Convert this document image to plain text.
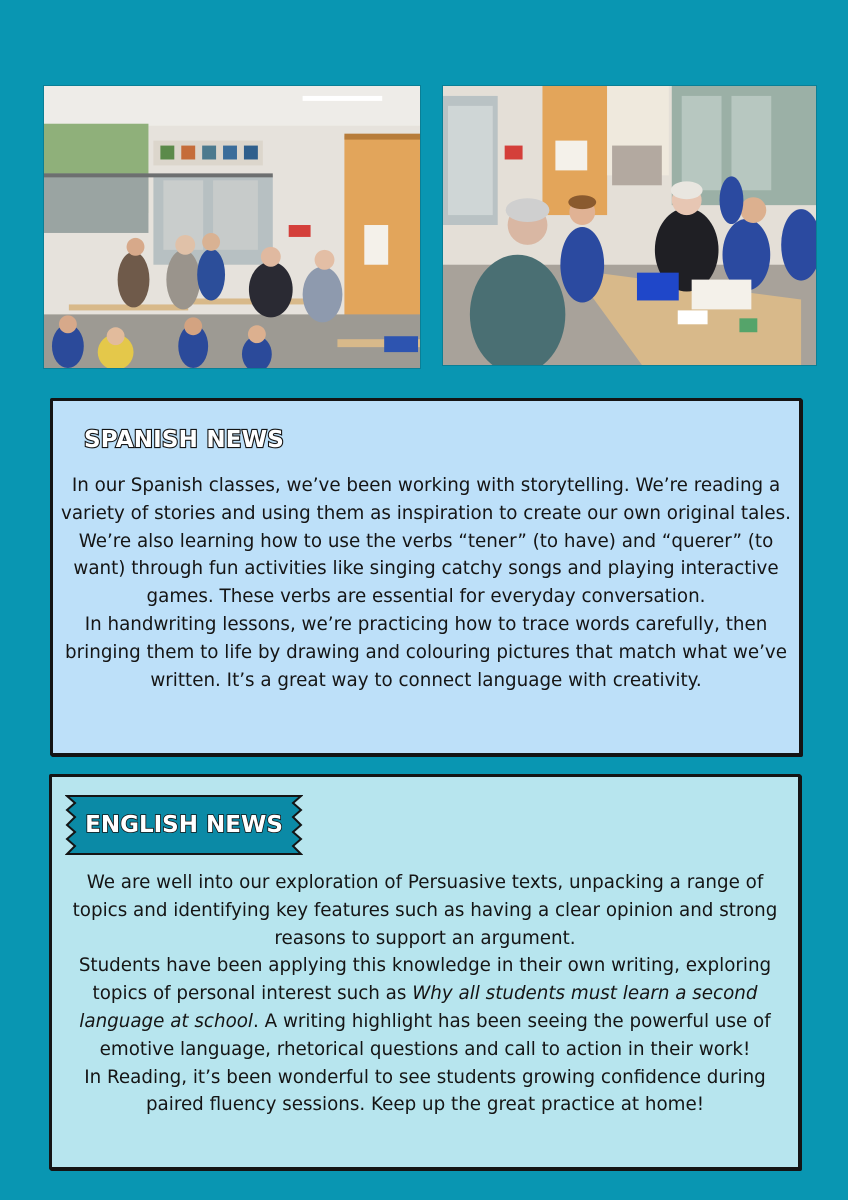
SPANISH NEWS

In our Spanish classes, we’ve been working with storytelling. We’re reading a variety of stories and using them as inspiration to create our own original tales.

We’re also learning how to use the verbs “tener” (to have) and “querer” (to want) through fun activities like singing catchy songs and playing interactive games. These verbs are essential for everyday conversation.

In handwriting lessons, we’re practicing how to trace words carefully, then bringing them to life by drawing and colouring pictures that match what we’ve written. It’s a great way to connect language with creativity.

ENGLISH NEWS

We are well into our exploration of Persuasive texts, unpacking a range of topics and identifying key features such as having a clear opinion and strong reasons to support an argument.

Students have been applying this knowledge in their own writing, exploring topics of personal interest such as Why all students must learn a second language at school. A writing highlight has been seeing the powerful use of emotive language, rhetorical questions and call to action in their work!

In Reading, it’s been wonderful to see students growing confidence during paired fluency sessions. Keep up the great practice at home!
